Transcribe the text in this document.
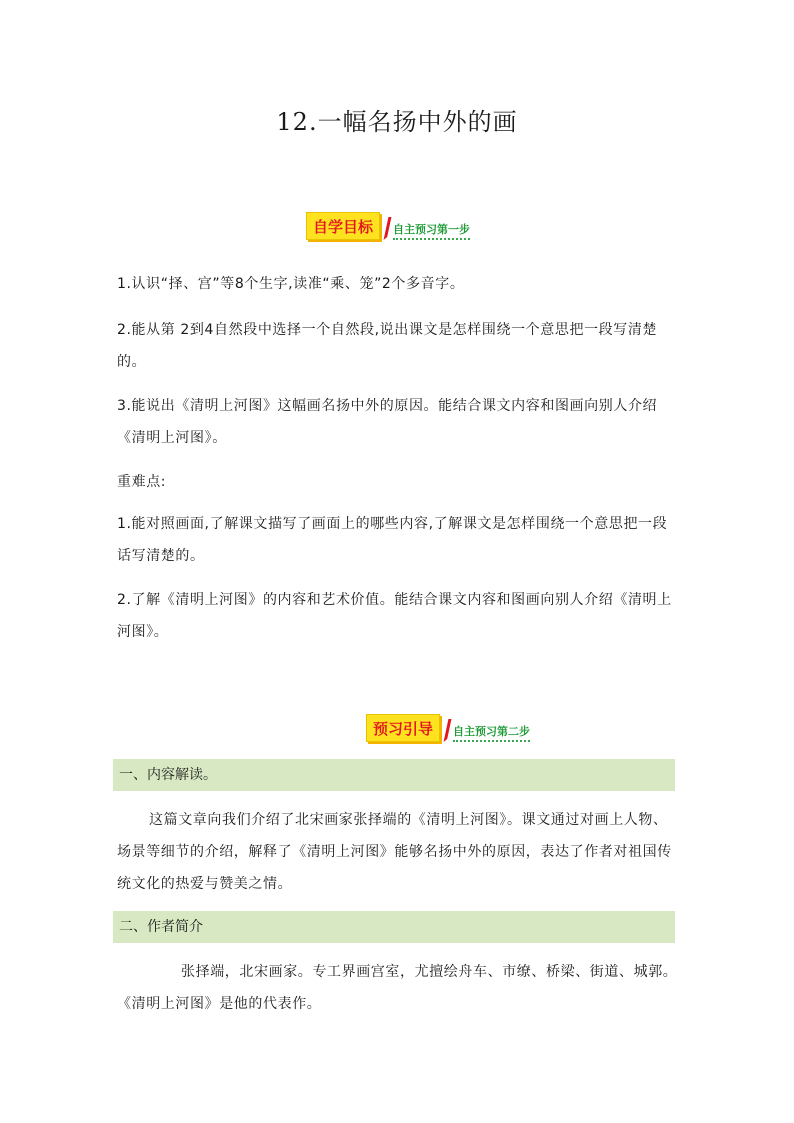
12.一幅名扬中外的画
自学目标	自主预习第一步
1.认识“择、宫”等8个生字,读准“乘、笼”2个多音字。
2.能从第 2到4自然段中选择一个自然段,说出课文是怎样围绕一个意思把一段写清楚的。
3.能说出《清明上河图》这幅画名扬中外的原因。能结合课文内容和图画向别人介绍《清明上河图》。
重难点:
1.能对照画面,了解课文描写了画面上的哪些内容,了解课文是怎样围绕一个意思把一段话写清楚的。
2.了解《清明上河图》的内容和艺术价值。能结合课文内容和图画向别人介绍《清明上河图》。
预习引导	自主预习第二步
一、内容解读。
这篇文章向我们介绍了北宋画家张择端的《清明上河图》。课文通过对画上人物、场景等细节的介绍，解释了《清明上河图》能够名扬中外的原因，表达了作者对祖国传统文化的热爱与赞美之情。
二、作者简介
张择端，北宋画家。专工界画宫室，尤擅绘舟车、市缭、桥梁、街道、城郭。《清明上河图》是他的代表作。
